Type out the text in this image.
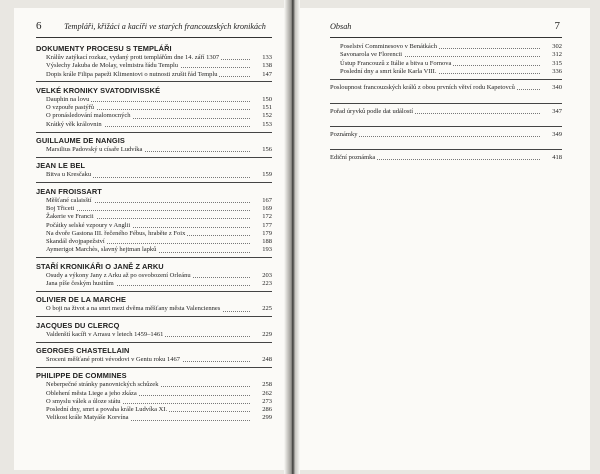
6	Templáři, křižáci a kacíři ve starých francouzských kronikách
DOKUMENTY PROCESU S TEMPLÁŘI
Králův zatýkací rozkaz, vydaný proti templářům dne 14. září 1307	133
Výslechy Jakuba de Molay, velmistra řádu Templu	138
Dopis krále Filipa papeži Klimentovi o nutnosti zrušit řád Templu	147
VELKÉ KRONIKY SVATODIVISSKÉ
Dauphin na lovu	150
O vzpouře pastýřů	151
O pronásledování malomocných	152
Krátký věk královnin	153
GUILLAUME DE NANGIS
Marsilius Padovský u císaře Ludvíka	156
JEAN LE BEL
Bitva u Kresčaku	159
JEAN FROISSART
Měšťané calaisští	167
Boj Třiceti	169
Žakerie ve Francii	172
Počátky selské vzpoury v Anglii	177
Na dvoře Gastona III. řečeného Fébus, hraběte z Foix	179
Skandál dvojpapežství	188
Aymerigot Marchès, slavný hejtman lapků	193
STAŘÍ KRONIKÁŘI O JANĚ Z ARKU
Osudy a výkony Jany z Arku až po osvobození Orleánu	203
Jana píše českým husitům	223
OLIVIER DE LA MARCHE
O boji na život a na smrt mezi dvěma měšťany města Valenciennes	225
JACQUES DU CLERCQ
Valdenští kacíři v Arrasu v letech 1459–1461	229
GEORGES CHASTELLAIN
Sroceni měšťané proti vévodovi v Gentu roku 1467	248
PHILIPPE DE COMMINES
Neberpečné stránky panovnických schůzek	258
Oblehení města Liege a jeho zkáza	262
O smyslu válek a úloze státu	273
Poslední dny, smrt a povaha krále Ludvíka XI.	286
Velikost krále Matyáše Korvína	299
Obsah	7
Poselství Comminesovo v Benátkách	302
Savonarola ve Florencii	312
Ústup Francouzů z Itálie a bitva u Fornova	315
Poslední dny a smrt krále Karla VIII.	336
Posloupnost francouzských králů z obou prvních větví rodu Kapetovců	340
Pořad úryvků podle dat událostí	347
Poznámky	349
Ediční poznámka	418
